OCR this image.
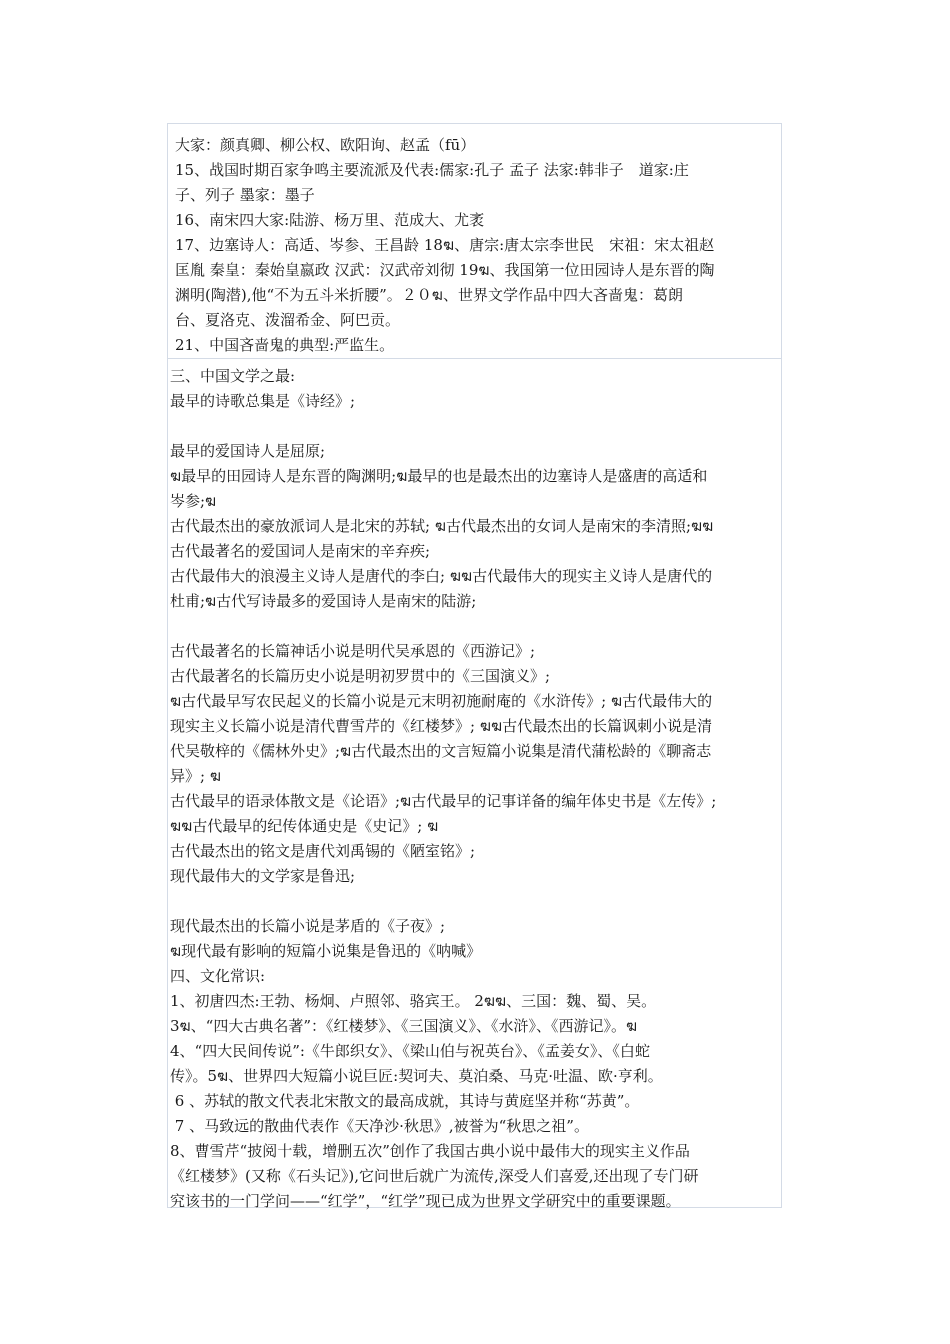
大家：颜真卿、柳公权、欧阳询、赵孟（fū）
15、战国时期百家争鸣主要流派及代表:儒家:孔子 孟子 法家:韩非子　道家:庄
子、列子 墨家：墨子
16、南宋四大家:陆游、杨万里、范成大、尤袤
17、边塞诗人：高适、岑参、王昌龄 18ฆ、唐宗:唐太宗李世民　宋祖：宋太祖赵
匡胤 秦皇：秦始皇嬴政 汉武：汉武帝刘彻 19ฆ、我国第一位田园诗人是东晋的陶
渊明(陶潜),他“不为五斗米折腰”。２０ฆ、世界文学作品中四大吝啬鬼：葛朗
台、夏洛克、泼溜希金、阿巴贡。
21、中国吝啬鬼的典型:严监生。
三、中国文学之最:
最早的诗歌总集是《诗经》;
最早的爱国诗人是屈原;
ฆ最早的田园诗人是东晋的陶渊明;ฆ最早的也是最杰出的边塞诗人是盛唐的高适和
岑参;ฆ
古代最杰出的豪放派词人是北宋的苏轼; ฆ古代最杰出的女词人是南宋的李清照;ฆฆ
古代最著名的爱国词人是南宋的辛弃疾;
古代最伟大的浪漫主义诗人是唐代的李白; ฆฆ古代最伟大的现实主义诗人是唐代的
杜甫;ฆ古代写诗最多的爱国诗人是南宋的陆游;
古代最著名的长篇神话小说是明代吴承恩的《西游记》;
古代最著名的长篇历史小说是明初罗贯中的《三国演义》;
ฆ古代最早写农民起义的长篇小说是元末明初施耐庵的《水浒传》; ฆ古代最伟大的
现实主义长篇小说是清代曹雪芹的《红楼梦》; ฆฆ古代最杰出的长篇讽刺小说是清
代吴敬梓的《儒林外史》;ฆ古代最杰出的文言短篇小说集是清代蒲松龄的《聊斋志
异》; ฆ
古代最早的语录体散文是《论语》;ฆ古代最早的记事详备的编年体史书是《左传》;
ฆฆ古代最早的纪传体通史是《史记》; ฆ
古代最杰出的铭文是唐代刘禹锡的《陋室铭》;
现代最伟大的文学家是鲁迅;
现代最杰出的长篇小说是茅盾的《子夜》;
ฆ现代最有影响的短篇小说集是鲁迅的《呐喊》
四、文化常识:
1、初唐四杰:王勃、杨炯、卢照邻、骆宾王。 2ฆฆ、三国：魏、蜀、吴。
3ฆ、“四大古典名著”：《红楼梦》、《三国演义》、《水浒》、《西游记》。ฆ
4、“四大民间传说”:《牛郎织女》、《梁山伯与祝英台》、《孟姜女》、《白蛇
传》。5ฆ、世界四大短篇小说巨匠:契诃夫、莫泊桑、马克·吐温、欧·亨利。
6 、苏轼的散文代表北宋散文的最高成就，其诗与黄庭坚并称“苏黄”。
7 、马致远的散曲代表作《天净沙·秋思》,被誉为“秋思之祖”。
8、曹雪芹“披阅十载，增删五次”创作了我国古典小说中最伟大的现实主义作品
《红楼梦》(又称《石头记》),它问世后就广为流传,深受人们喜爱,还出现了专门研
究该书的一门学问——“红学”，“红学”现已成为世界文学研究中的重要课题。
